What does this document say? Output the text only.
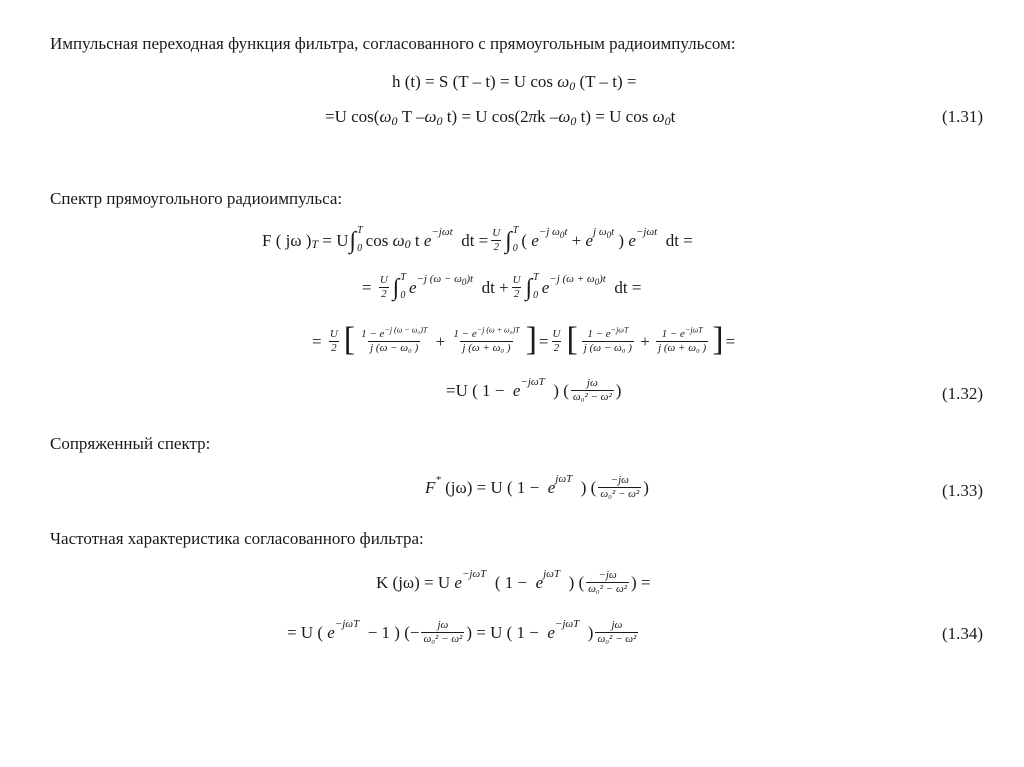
Импульсная переходная функция фильтра, согласованного с прямоугольным радиоимпульсом:
h (t) = S (T – t) = U cos ω 0 (T – t) =
=U cos( ω 0 T – ω 0 t) = U cos(2 π k – ω 0 t) = U cos ω 0 t	(1.31)
Спектр прямоугольного радиоимпульса:
F ( jω ) T = U ∫ T
0 cos ω 0 t e −jωt dt = $\frac{U}{2}$ ∫ T
0 ( e −j $\omega_0t + e$ j $\omega_0t$ ) e −jωt dt =
= $\frac{U}{2}$ ∫ T
0 e −j $(\omega - \omega_0)t$ dt + $\frac{U}{2}$ ∫ T
0 e −j $(\omega + \omega_0)t$ dt =
= $\frac{U}{2}$ [ $\frac{1 - e^{-j (\omega - \omega_0)T}}{\text{j (ω − ω₀ )}} + \frac{1 - e^{-j (\omega + \omega_0)T}}{\text{j (ω + ω₀ )}}$ ] = $\frac{U}{2}$ [ $\frac{1 - e^{-j\omega T}}{\text{j (ω − ω₀ )}} + \frac{1 - e^{-j\omega T}}{\text{j (ω + ω₀ )}}$ ] =
=U ( 1 − e −jωT ) ( $\frac{j\omega}{\text{ω₀² − ω²}}$ )	(1.32)
Сопряженный спектр:
F * (jω) = U ( 1 − e jωT ) ( $\frac{-j\omega}{\text{ω₀² − ω²}}$ )	(1.33)
Частотная характеристика согласованного фильтра:
K (jω) = U e −jωT ( 1 − e jωT ) ( $\frac{-j\omega}{\text{ω₀² − ω²}}$ ) =
= U ( e −jωT − 1 ) (− $\frac{j\omega}{\text{ω₀² − ω²}}$ ) = U ( 1 − e −jωT ) $\frac{j\omega}{\text{ω₀² − ω²}}$	(1.34)
